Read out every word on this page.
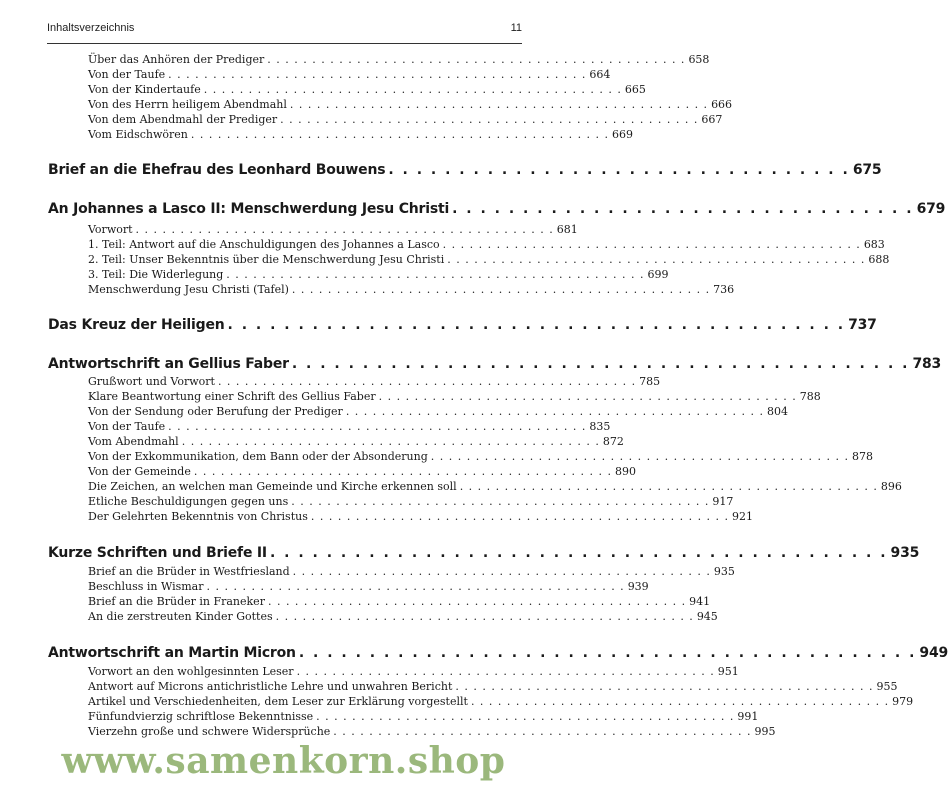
Inhaltsverzeichnis	11
Über das Anhören der Prediger . . . . . . . . . . . . . . . . . . . . . . . . . . . . . . . . . . . . . . . . . . . . . . . 658
Von der Taufe . . . . . . . . . . . . . . . . . . . . . . . . . . . . . . . . . . . . . . . . . . . . . . . 664
Von der Kindertaufe . . . . . . . . . . . . . . . . . . . . . . . . . . . . . . . . . . . . . . . . . . . . . . . 665
Von des Herrn heiligem Abendmahl . . . . . . . . . . . . . . . . . . . . . . . . . . . . . . . . . . . . . . . . . . . . . . . 666
Von dem Abendmahl der Prediger . . . . . . . . . . . . . . . . . . . . . . . . . . . . . . . . . . . . . . . . . . . . . . . 667
Vom Eidschwören . . . . . . . . . . . . . . . . . . . . . . . . . . . . . . . . . . . . . . . . . . . . . . . 669
Brief an die Ehefrau des Leonhard Bouwens . . . . . . . . . . . . . . . . . . . . . . . . . . . . . . . . . 675
An Johannes a Lasco II: Menschwerdung Jesu Christi . . . . . . . . . . . . . . . . . . . . . . . . . . . . . . . . . 679
Vorwort . . . . . . . . . . . . . . . . . . . . . . . . . . . . . . . . . . . . . . . . . . . . . . . 681
1. Teil: Antwort auf die Anschuldigungen des Johannes a Lasco . . . . . . . . . . . . . . . . . . . . . . . . . . . . . . . . . . . . . . . . . . . . . . . 683
2. Teil: Unser Bekenntnis über die Menschwerdung Jesu Christi . . . . . . . . . . . . . . . . . . . . . . . . . . . . . . . . . . . . . . . . . . . . . . . 688
3. Teil: Die Widerlegung . . . . . . . . . . . . . . . . . . . . . . . . . . . . . . . . . . . . . . . . . . . . . . . 699
Menschwerdung Jesu Christi (Tafel) . . . . . . . . . . . . . . . . . . . . . . . . . . . . . . . . . . . . . . . . . . . . . . . 736
Das Kreuz der Heiligen . . . . . . . . . . . . . . . . . . . . . . . . . . . . . . . . . . . . . . . . . . . . 737
Antwortschrift an Gellius Faber . . . . . . . . . . . . . . . . . . . . . . . . . . . . . . . . . . . . . . . . . . . . 783
Grußwort und Vorwort . . . . . . . . . . . . . . . . . . . . . . . . . . . . . . . . . . . . . . . . . . . . . . . 785
Klare Beantwortung einer Schrift des Gellius Faber . . . . . . . . . . . . . . . . . . . . . . . . . . . . . . . . . . . . . . . . . . . . . . . 788
Von der Sendung oder Berufung der Prediger . . . . . . . . . . . . . . . . . . . . . . . . . . . . . . . . . . . . . . . . . . . . . . . 804
Von der Taufe . . . . . . . . . . . . . . . . . . . . . . . . . . . . . . . . . . . . . . . . . . . . . . . 835
Vom Abendmahl . . . . . . . . . . . . . . . . . . . . . . . . . . . . . . . . . . . . . . . . . . . . . . . 872
Von der Exkommunikation, dem Bann oder der Absonderung . . . . . . . . . . . . . . . . . . . . . . . . . . . . . . . . . . . . . . . . . . . . . . . 878
Von der Gemeinde . . . . . . . . . . . . . . . . . . . . . . . . . . . . . . . . . . . . . . . . . . . . . . . 890
Die Zeichen, an welchen man Gemeinde und Kirche erkennen soll . . . . . . . . . . . . . . . . . . . . . . . . . . . . . . . . . . . . . . . . . . . . . . . 896
Etliche Beschuldigungen gegen uns . . . . . . . . . . . . . . . . . . . . . . . . . . . . . . . . . . . . . . . . . . . . . . . 917
Der Gelehrten Bekenntnis von Christus . . . . . . . . . . . . . . . . . . . . . . . . . . . . . . . . . . . . . . . . . . . . . . . 921
Kurze Schriften und Briefe II . . . . . . . . . . . . . . . . . . . . . . . . . . . . . . . . . . . . . . . . . . . . 935
Brief an die Brüder in Westfriesland . . . . . . . . . . . . . . . . . . . . . . . . . . . . . . . . . . . . . . . . . . . . . . . 935
Beschluss in Wismar . . . . . . . . . . . . . . . . . . . . . . . . . . . . . . . . . . . . . . . . . . . . . . . 939
Brief an die Brüder in Franeker . . . . . . . . . . . . . . . . . . . . . . . . . . . . . . . . . . . . . . . . . . . . . . . 941
An die zerstreuten Kinder Gottes . . . . . . . . . . . . . . . . . . . . . . . . . . . . . . . . . . . . . . . . . . . . . . . 945
Antwortschrift an Martin Micron . . . . . . . . . . . . . . . . . . . . . . . . . . . . . . . . . . . . . . . . . . . . 949
Vorwort an den wohlgesinnten Leser . . . . . . . . . . . . . . . . . . . . . . . . . . . . . . . . . . . . . . . . . . . . . . . 951
Antwort auf Microns antichristliche Lehre und unwahren Bericht . . . . . . . . . . . . . . . . . . . . . . . . . . . . . . . . . . . . . . . . . . . . . . . 955
Artikel und Verschiedenheiten, dem Leser zur Erklärung vorgestellt . . . . . . . . . . . . . . . . . . . . . . . . . . . . . . . . . . . . . . . . . . . . . . . 979
Fünfundvierzig schriftlose Bekenntnisse . . . . . . . . . . . . . . . . . . . . . . . . . . . . . . . . . . . . . . . . . . . . . . . 991
Vierzehn große und schwere Widersprüche . . . . . . . . . . . . . . . . . . . . . . . . . . . . . . . . . . . . . . . . . . . . . . . 995
www.samenkorn.shop
